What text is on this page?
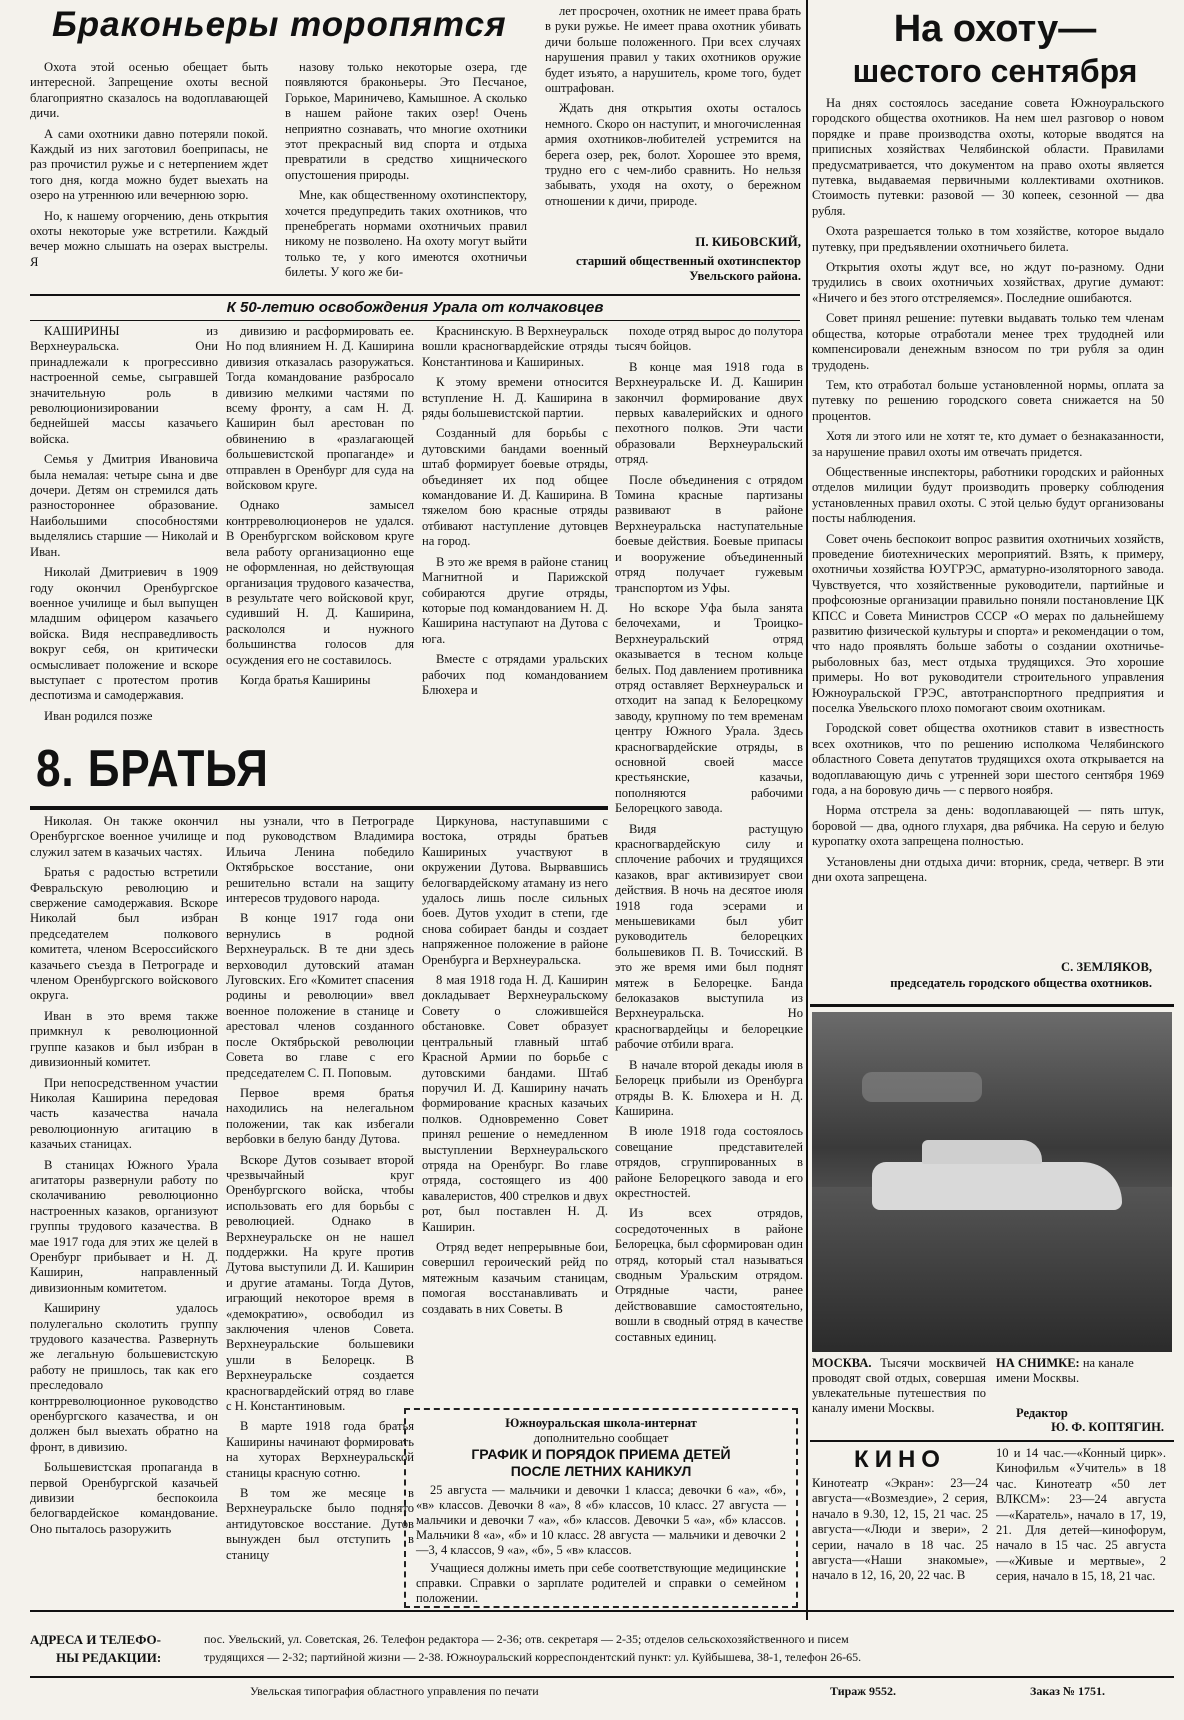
Браконьеры торопятся

Охота этой осенью обещает быть интересной. Запрещение охоты весной благоприятно сказалось на водоплавающей дичи.

А сами охотники давно потеряли покой. Каждый из них заготовил боеприпасы, не раз прочистил ружье и с нетерпением ждет того дня, когда можно будет выехать на озеро на утреннюю или вечернюю зорю.

Но, к нашему огорчению, день открытия охоты некоторые уже встретили. Каждый вечер можно слышать на озерах выстрелы. Я

назову только некоторые озера, где появляются браконьеры. Это Песчаное, Горькое, Мариничево, Камышное. А сколько в нашем районе таких озер! Очень неприятно сознавать, что многие охотники этот прекрасный вид спорта и отдыха превратили в средство хищнического опустошения природы.

Мне, как общественному охотинспектору, хочется предупредить таких охотников, что пренебрегать нормами охотничьих правил никому не позволено. На охоту могут выйти только те, у кого имеются охотничьи билеты. У кого же би-

лет просрочен, охотник не имеет права брать в руки ружье. Не имеет права охотник убивать дичи больше положенного. При всех случаях нарушения правил у таких охотников оружие будет изъято, а нарушитель, кроме того, будет оштрафован.

Ждать дня открытия охоты осталось немного. Скоро он наступит, и многочисленная армия охотников-любителей устремится на берега озер, рек, болот. Хорошее это время, трудно его с чем-либо сравнить. Но нельзя забывать, уходя на охоту, о бережном отношении к дичи, природе.

П. КИБОВСКИЙ,
старший общественный охотинспектор Увельского района.
На охоту—
шестого сентября

На днях состоялось заседание совета Южноуральского городского общества охотников. На нем шел разговор о новом порядке и праве производства охоты, которые вводятся на приписных хозяйствах Челябинской области. Правилами предусматривается, что документом на право охоты является путевка, выдаваемая первичными коллективами охотников. Стоимость путевки: разовой — 30 копеек, сезонной — два рубля.

Охота разрешается только в том хозяйстве, которое выдало путевку, при предъявлении охотничьего билета.

Открытия охоты ждут все, но ждут по-разному. Одни трудились в своих охотничьих хозяйствах, другие думают: «Ничего и без этого отстреляемся». Последние ошибаются.

Совет принял решение: путевки выдавать только тем членам общества, которые отработали менее трех трудодней или компенсировали денежным взносом по три рубля за один трудодень.

Тем, кто отработал больше установленной нормы, оплата за путевку по решению городского совета снижается на 50 процентов.

Хотя ли этого или не хотят те, кто думает о безнаказанности, за нарушение правил охоты им отвечать придется.

Общественные инспекторы, работники городских и районных отделов милиции будут производить проверку соблюдения установленных правил охоты. С этой целью будут организованы посты наблюдения.

Совет очень беспокоит вопрос развития охотничьих хозяйств, проведение биотехнических мероприятий. Взять, к примеру, охотничьи хозяйства ЮУГРЭС, арматурно-изоляторного завода. Чувствуется, что хозяйственные руководители, партийные и профсоюзные организации правильно поняли постановление ЦК КПСС и Совета Министров СССР «О мерах по дальнейшему развитию физической культуры и спорта» и рекомендации о том, что надо проявлять больше заботы о создании охотничье-рыболовных баз, мест отдыха трудящихся. Это хорошие примеры. Но вот руководители строительного управления Южноуральской ГРЭС, автотранспортного предприятия и поселка Увельского плохо помогают своим охотникам.

Городской совет общества охотников ставит в известность всех охотников, что по решению исполкома Челябинского областного Совета депутатов трудящихся охота открывается на водоплавающую дичь с утренней зори шестого сентября 1969 года, а на боровую дичь — с первого ноября.

Норма отстрела за день: водоплавающей — пять штук, боровой — два, одного глухаря, два рябчика. На серую и белую куропатку охота запрещена полностью.

Установлены дни отдыха дичи: вторник, среда, четверг. В эти дни охота запрещена.

С. ЗЕМЛЯКОВ,
председатель городского общества охотников.
К 50-летию освобождения Урала от колчаковцев

КАШИРИНЫ из Верхнеуральска. Они принадлежали к прогрессивно настроенной семье, сыгравшей значительную роль в революционизировании беднейшей массы казачьего войска.

Семья у Дмитрия Ивановича была немалая: четыре сына и две дочери. Детям он стремился дать разностороннее образование. Наибольшими способностями выделялись старшие — Николай и Иван.

Николай Дмитриевич в 1909 году окончил Оренбургское военное училище и был выпущен младшим офицером казачьего войска. Видя несправедливость вокруг себя, он критически осмысливает положение и вскоре выступает с протестом против деспотизма и самодержавия.

Иван родился позже

дивизию и расформировать ее. Но под влиянием Н. Д. Каширина дивизия отказалась разоружаться. Тогда командование разбросало дивизию мелкими частями по всему фронту, а сам Н. Д. Каширин был арестован по обвинению в «разлагающей большевистской пропаганде» и отправлен в Оренбург для суда на войсковом круге.

Однако замысел контрреволюционеров не удался. В Оренбургском войсковом круге вела работу организационно еще не оформленная, но действующая организация трудового казачества, в результате чего войсковой круг, судивший Н. Д. Каширина, раскололся и нужного большинства голосов для осуждения его не составилось.

Когда братья Каширины

Краснинскую. В Верхнеуральск вошли красногвардейские отряды Константинова и Кашириных.

К этому времени относится вступление Н. Д. Каширина в ряды большевистской партии.

Созданный для борьбы с дутовскими бандами военный штаб формирует боевые отряды, объединяет их под общее командование И. Д. Каширина. В тяжелом бою красные отряды отбивают наступление дутовцев на город.

В это же время в районе станиц Магнитной и Парижской собираются другие отряды, которые под командованием Н. Д. Каширина наступают на Дутова с юга.

Вместе с отрядами уральских рабочих под командованием Блюхера и

походе отряд вырос до полутора тысяч бойцов.

В конце мая 1918 года в Верхнеуральске И. Д. Каширин закончил формирование двух первых кавалерийских и одного пехотного полков. Эти части образовали Верхнеуральский отряд.

После объединения с отрядом Томина красные партизаны развивают в районе Верхнеуральска наступательные боевые действия. Боевые припасы и вооружение объединенный отряд получает гужевым транспортом из Уфы.

Но вскоре Уфа была занята белочехами, и Троицко-Верхнеуральский отряд оказывается в тесном кольце белых. Под давлением противника отряд оставляет Верхнеуральск и отходит на запад к Белорецкому заводу, крупному по тем временам центру Южного Урала. Здесь красногвардейские отряды, в основной своей массе крестьянские, казачьи, пополняются рабочими Белорецкого завода.

Видя растущую красногвардейскую силу и сплочение рабочих и трудящихся казаков, враг активизирует свои действия. В ночь на десятое июля 1918 года эсерами и меньшевиками был убит руководитель белорецких большевиков П. В. Точисский. В это же время ими был поднят мятеж в Белорецке. Банда белоказаков выступила из Верхнеуральска. Но красногвардейцы и белорецкие рабочие отбили врага.

В начале второй декады июля в Белорецк прибыли из Оренбурга отряды В. К. Блюхера и Н. Д. Каширина.

В июле 1918 года состоялось совещание представителей отрядов, сгруппированных в районе Белорецкого завода и его окрестностей.

Из всех отрядов, сосредоточенных в районе Белорецка, был сформирован один отряд, который стал называться сводным Уральским отрядом. Отрядные части, ранее действовавшие самостоятельно, вошли в сводный отряд в качестве составных единиц.

8. БРАТЬЯ

Николая. Он также окончил Оренбургское военное училище и служил затем в казачьих частях.

Братья с радостью встретили Февральскую революцию и свержение самодержавия. Вскоре Николай был избран председателем полкового комитета, членом Всероссийского казачьего съезда в Петрограде и членом Оренбургского войскового округа.

Иван в это время также примкнул к революционной группе казаков и был избран в дивизионный комитет.

При непосредственном участии Николая Каширина передовая часть казачества начала революционную агитацию в казачьих станицах.

В станицах Южного Урала агитаторы развернули работу по сколачиванию революционно настроенных казаков, организуют группы трудового казачества. В мае 1917 года для этих же целей в Оренбург прибывает и Н. Д. Каширин, направленный дивизионным комитетом.

Каширину удалось полулегально сколотить группу трудового казачества. Развернуть же легальную большевистскую работу не пришлось, так как его преследовало контрреволюционное руководство оренбургского казачества, и он должен был выехать обратно на фронт, в дивизию.

Большевистская пропаганда в первой Оренбургской казачьей дивизии беспокоила белогвардейское командование. Оно пыталось разоружить

ны узнали, что в Петрограде под руководством Владимира Ильича Ленина победило Октябрьское восстание, они решительно встали на защиту интересов трудового народа.

В конце 1917 года они вернулись в родной Верхнеуральск. В те дни здесь верховодил дутовский атаман Луговских. Его «Комитет спасения родины и революции» ввел военное положение в станице и арестовал членов созданного после Октябрьской революции Совета во главе с его председателем С. П. Поповым.

Первое время братья находились на нелегальном положении, так как избегали вербовки в белую банду Дутова.

Вскоре Дутов созывает второй чрезвычайный круг Оренбургского войска, чтобы использовать его для борьбы с революцией. Однако в Верхнеуральске он не нашел поддержки. На круге против Дутова выступили Д. И. Каширин и другие атаманы. Тогда Дутов, играющий некоторое время в «демократию», освободил из заключения членов Совета. Верхнеуральские большевики ушли в Белорецк. В Верхнеуральске создается красногвардейский отряд во главе с Н. Константиновым.

В марте 1918 года братья Каширины начинают формировать на хуторах Верхнеуральской станицы красную сотню.

В том же месяце в Верхнеуральске было поднято антидутовское восстание. Дутов вынужден был отступить в станицу

Циркунова, наступавшими с востока, отряды братьев Кашириных участвуют в окружении Дутова. Вырвавшись белогвардейскому атаману из него удалось лишь после сильных боев. Дутов уходит в степи, где снова собирает банды и создает напряженное положение в районе Оренбурга и Верхнеуральска.

8 мая 1918 года Н. Д. Каширин докладывает Верхнеуральскому Совету о сложившейся обстановке. Совет образует центральный главный штаб Красной Армии по борьбе с дутовскими бандами. Штаб поручил И. Д. Каширину начать формирование красных казачьих полков. Одновременно Совет принял решение о немедленном выступлении Верхнеуральского отряда на Оренбург. Во главе отряда, состоящего из 400 кавалеристов, 400 стрелков и двух рот, был поставлен Н. Д. Каширин.

Отряд ведет непрерывные бои, совершил героический рейд по мятежным казачьим станицам, помогая восстанавливать и создавать в них Советы. В

Южноуральская школа-интернат
дополнительно сообщает
ГРАФИК И ПОРЯДОК ПРИЕМА ДЕТЕЙ
ПОСЛЕ ЛЕТНИХ КАНИКУЛ
25 августа — мальчики и девочки 1 класса; девочки 6 «а», «б», «в» классов. Девочки 8 «а», 8 «б» классов, 10 класс. 27 августа — мальчики и девочки 7 «а», «б» классов. Девочки 5 «а», «б» классов. Мальчики 8 «а», «б» и 10 класс. 28 августа — мальчики и девочки 2—3, 4 классов, 9 «а», «б», 5 «в» классов.
Учащиеся должны иметь при себе соответствующие медицинские справки. Справки о зарплате родителей и справки о семейном положении.
МОСКВА. Тысячи москвичей проводят свой отдых, совершая увлекательные путешествия по каналу имени Москвы.
НА СНИМКЕ: на канале имени Москвы.
Редактор
Ю. Ф. КОПТЯГИН.
КИНО
Кинотеатр «Экран»: 23—24 августа—«Возмездие», 2 серия, начало в 9.30, 12, 15, 21 час. 25 августа—«Люди и звери», 2 серии, начало в 18 час. 25 августа—«Наши знакомые», начало в 12, 16, 20, 22 час. В
10 и 14 час.—«Конный цирк». Кинофильм «Учитель» в 18 час. Кинотеатр «50 лет ВЛКСМ»: 23—24 августа—«Каратель», начало в 17, 19, 21. Для детей—кинофорум, начало в 15 час. 25 августа—«Живые и мертвые», 2 серия, начало в 15, 18, 21 час.
АДРЕСА И ТЕЛЕФО-
НЫ РЕДАКЦИИ:
пос. Увельский, ул. Советская, 26. Телефон редактора — 2-36; отв. секретаря — 2-35; отделов сельскохозяйственного и писем
трудящихся — 2-32; партийной жизни — 2-38. Южноуральский корреспондентский пункт: ул. Куйбышева, 38-1, телефон 26-65.
Увельская типография областного управления по печати	Тираж 9552.	Заказ № 1751.
